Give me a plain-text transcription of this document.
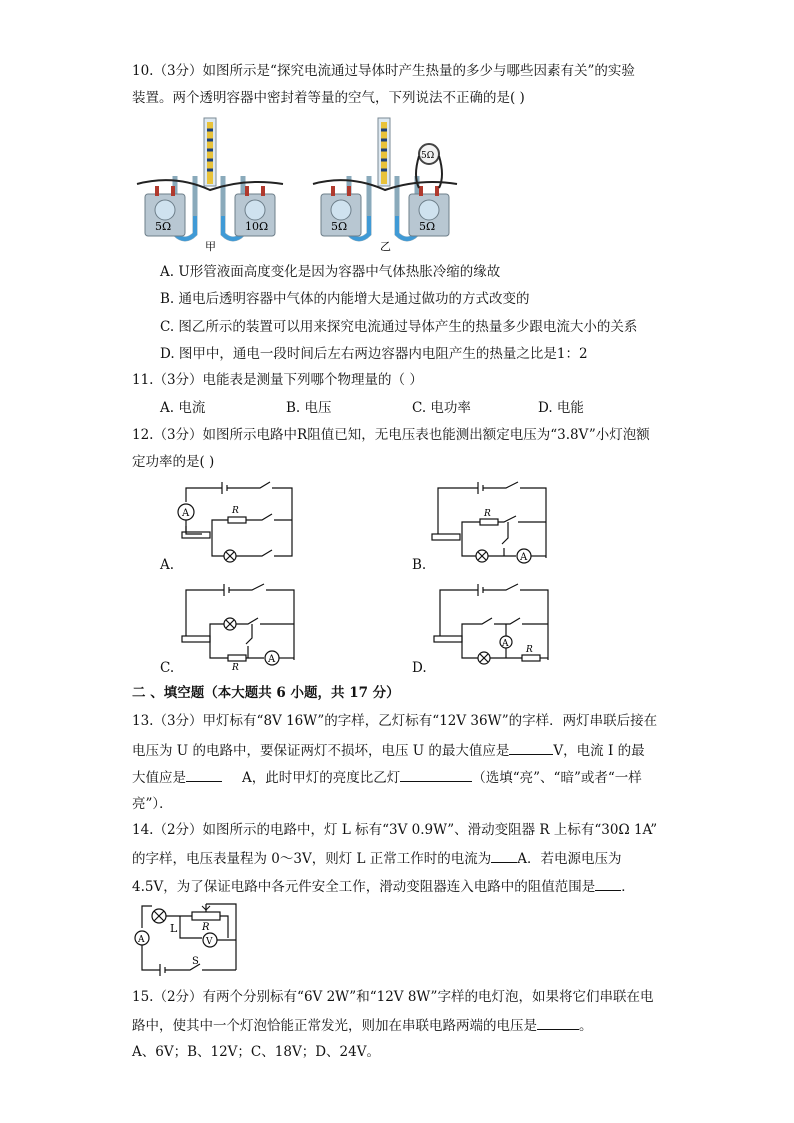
10.（3分）如图所示是“探究电流通过导体时产生热量的多少与哪些因素有关”的实验
装置。两个透明容器中密封着等量的空气，下列说法不正确的是( )
5Ω	10Ω
甲
5Ω
5Ω	5Ω
乙
A. U形管液面高度变化是因为容器中气体热胀冷缩的缘故
B. 通电后透明容器中气体的内能增大是通过做功的方式改变的
C. 图乙所示的装置可以用来探究电流通过导体产生的热量多少跟电流大小的关系
D. 图甲中，通电一段时间后左右两边容器内电阻产生的热量之比是1：2
11.（3分）电能表是测量下列哪个物理量的（ ）
A. 电流	B. 电压	C. 电功率	D. 电能
12.（3分）如图所示电路中R阻值已知，无电压表也能测出额定电压为“3.8V”小灯泡额
定功率的是( )
A	R
A.
R
A
B.
R
A
C.
A
R
D.
二 、填空题（本大题共 6 小题，共 17 分）
13.（3分）甲灯标有“8V 16W”的字样，乙灯标有“12V 36W”的字样．两灯串联后接在
电压为 U 的电路中，要保证两灯不损坏，电压 U 的最大值应是	V，电流 I 的最
大值应是	A，此时甲灯的亮度比乙灯	（选填“亮”、“暗”或者“一样
亮”）．
14.（2分）如图所示的电路中，灯 L 标有“3V 0.9W”、滑动变阻器 R 上标有“30Ω 1A”
的字样，电压表量程为 0～3V，则灯 L 正常工作时的电流为 A．若电源电压为
4.5V，为了保证电路中各元件安全工作，滑动变阻器连入电路中的阻值范围是 ．
A
L R
V
S
15.（2分）有两个分别标有“6V 2W”和“12V 8W”字样的电灯泡，如果将它们串联在电
路中，使其中一个灯泡恰能正常发光，则加在串联电路两端的电压是	。
A、6V；B、12V；C、18V；D、24V。
